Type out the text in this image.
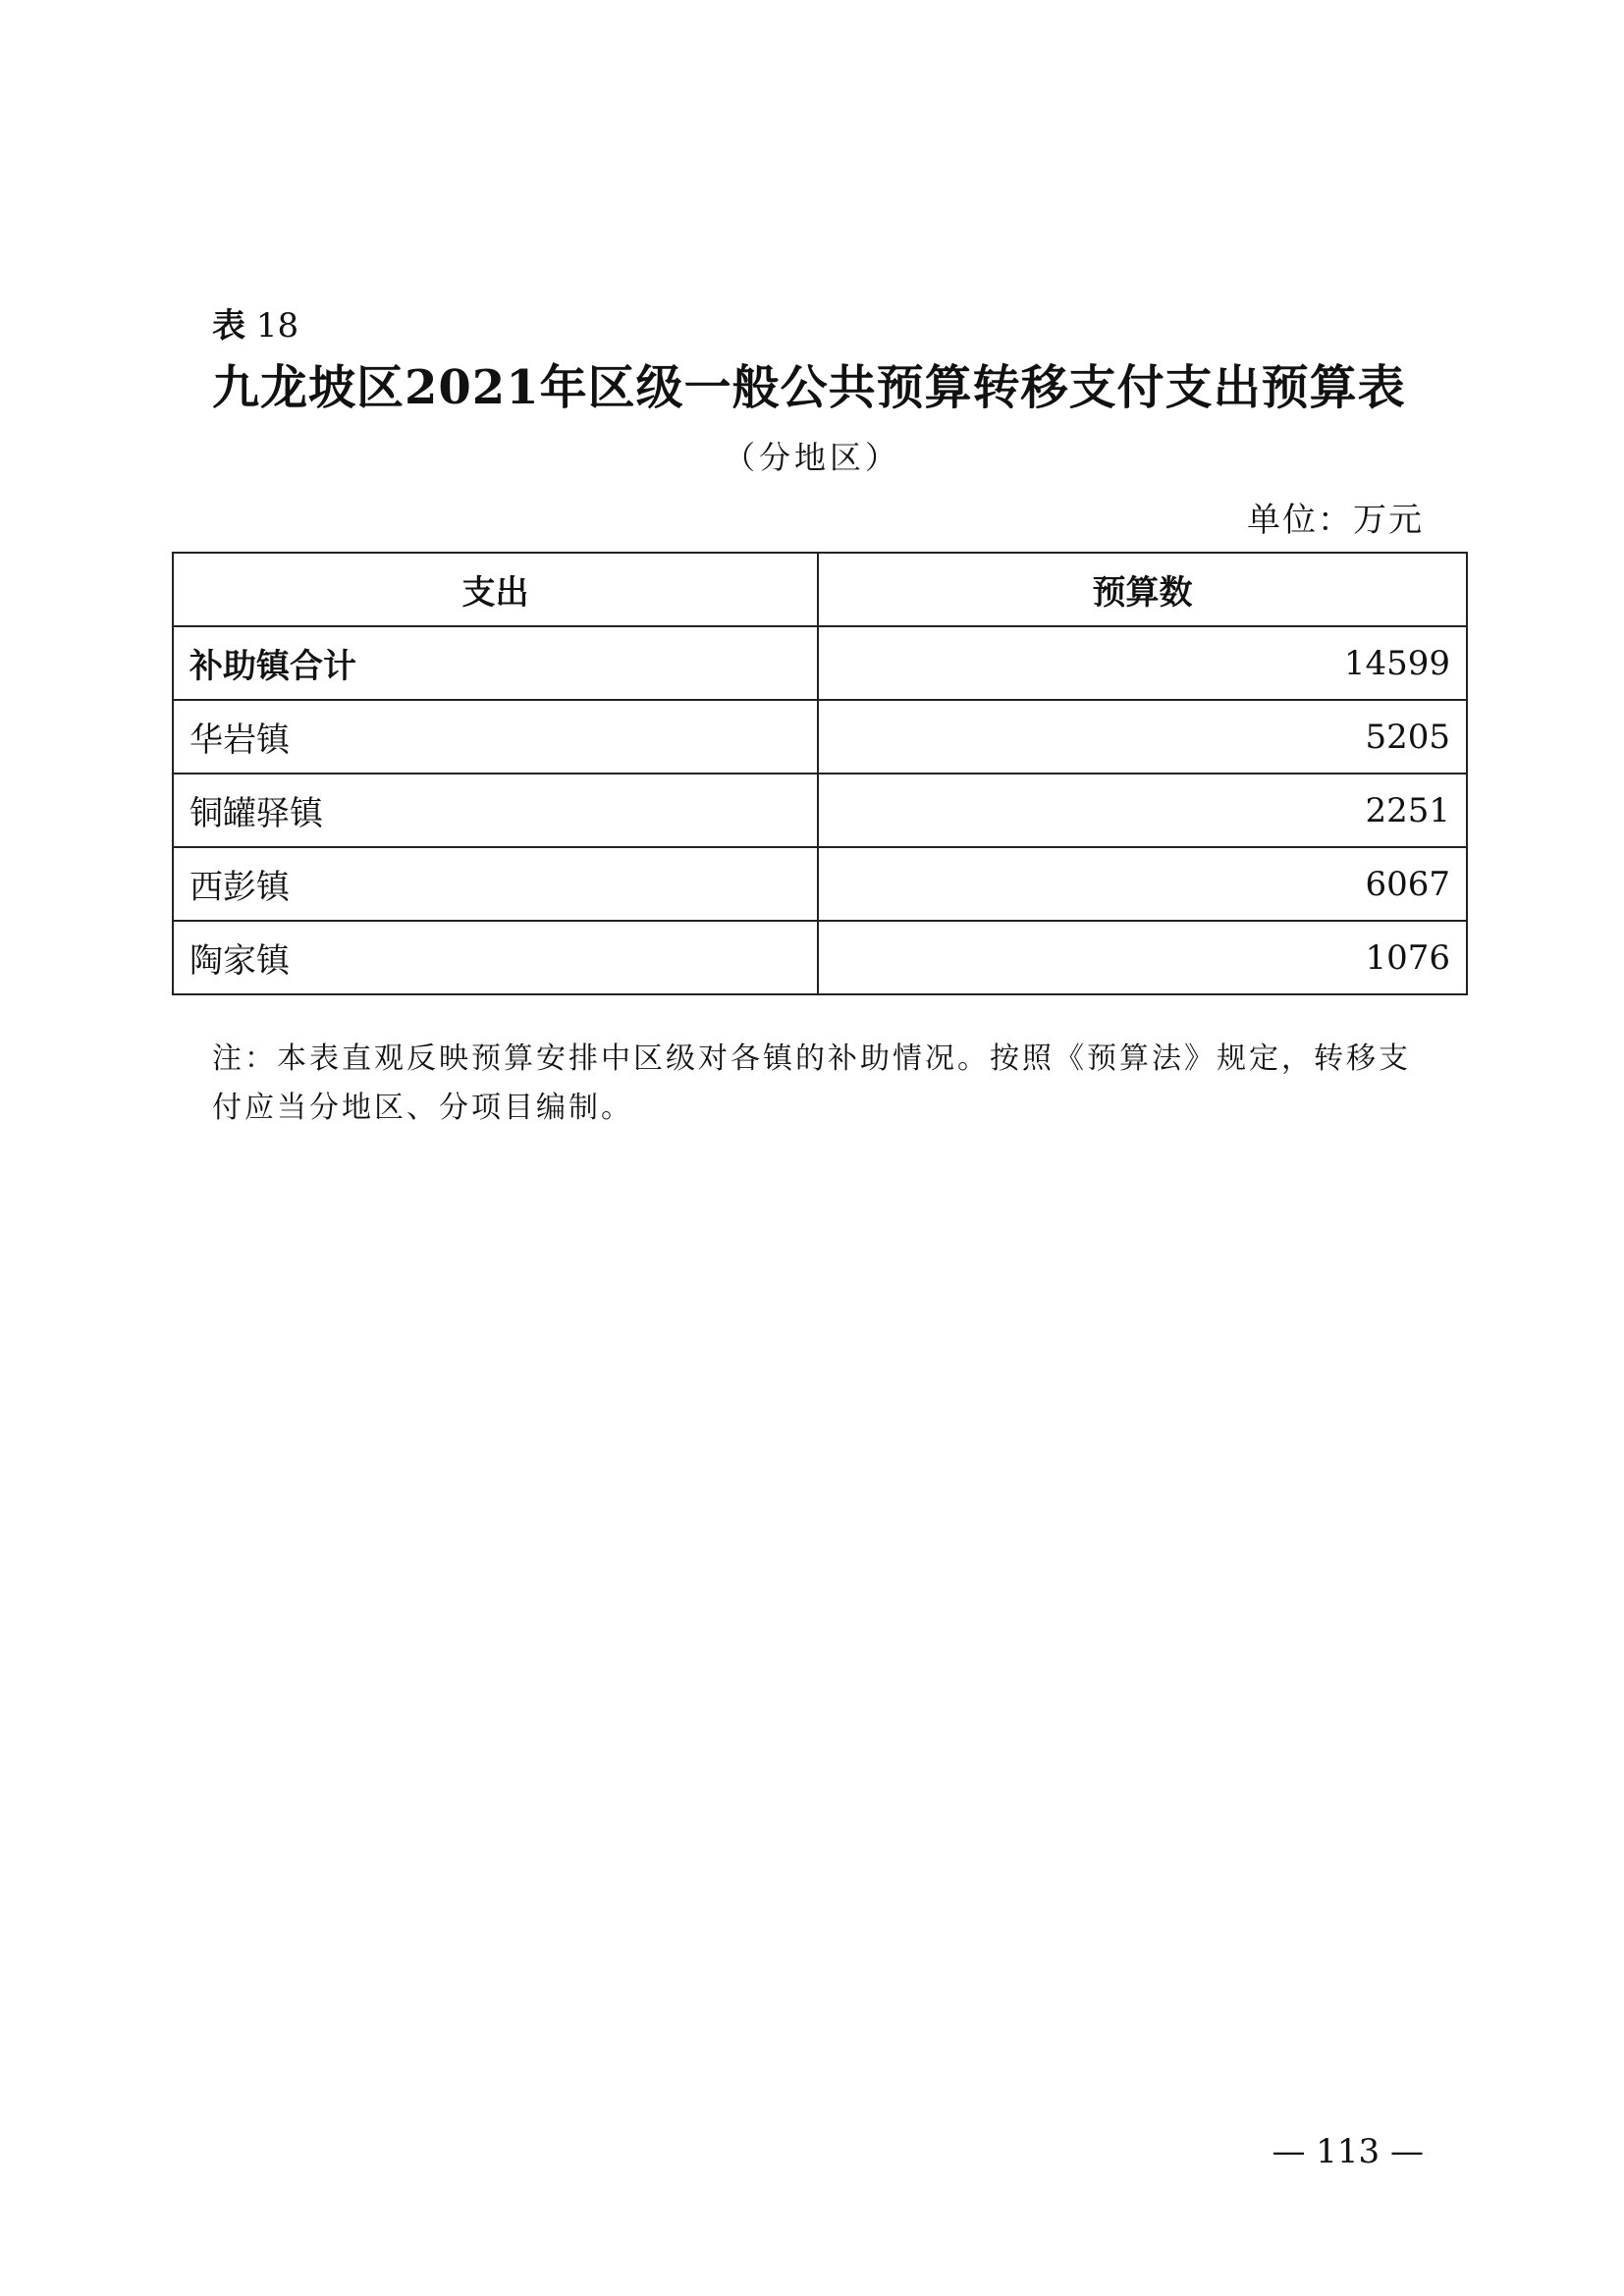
表 18
九龙坡区2021年区级一般公共预算转移支付支出预算表
（分地区）
单位：万元
支出	预算数
补助镇合计	14599
华岩镇	5205
铜罐驿镇	2251
西彭镇	6067
陶家镇	1076
注：本表直观反映预算安排中区级对各镇的补助情况。按照《预算法》规定，转移支付应当分地区、分项目编制。
— 113 —
